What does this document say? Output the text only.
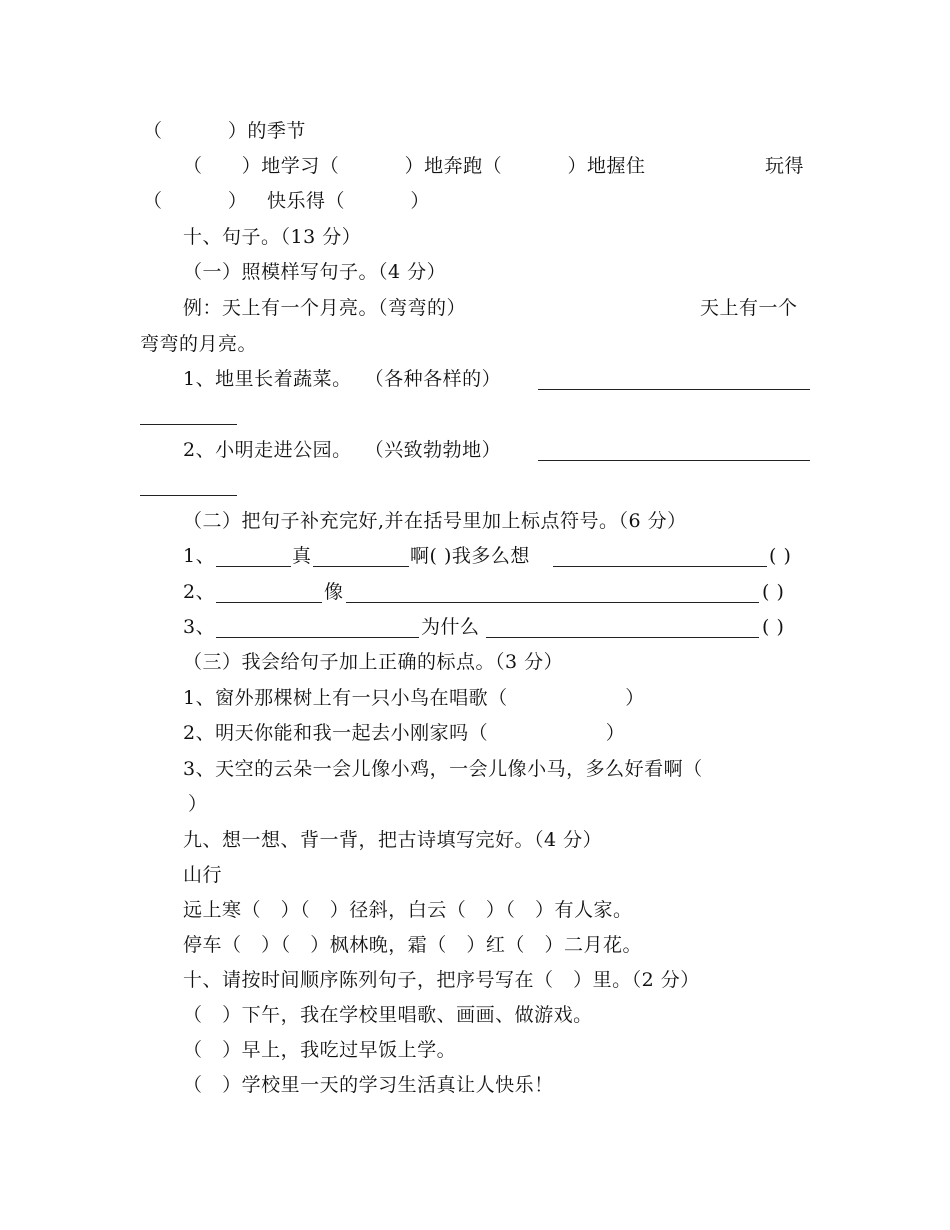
（          ）的季节
（      ）地学习（          ）地奔跑（          ）地握住	玩得
（          ）   快乐得（          ）
十、句子。（13 分）
（一）照模样写句子。（4 分）
例：天上有一个月亮。（弯弯的）	天上有一个
弯弯的月亮。
1、地里长着蔬菜。  （各种各样的）
2、小明走进公园。  （兴致勃勃地）
（二）把句子补充完好,并在括号里加上标点符号。（6 分）
1、	真	啊( )我多么想	( )
2、	像	( )
3、	为什么	( )
（三）我会给句子加上正确的标点。（3 分）
1、窗外那棵树上有一只小鸟在唱歌（                  ）
2、明天你能和我一起去小刚家吗（                  ）
3、天空的云朵一会儿像小鸡，一会儿像小马，多么好看啊（
）
九、想一想、背一背，把古诗填写完好。（4 分）
山行
远上寒（   ）（   ）径斜，白云（   ）（   ）有人家。
停车（   ）（   ）枫林晚，霜（   ）红（   ）二月花。
十、请按时间顺序陈列句子，把序号写在（   ）里。（2 分）
（   ）下午，我在学校里唱歌、画画、做游戏。
（   ）早上，我吃过早饭上学。
（   ）学校里一天的学习生活真让人快乐！
